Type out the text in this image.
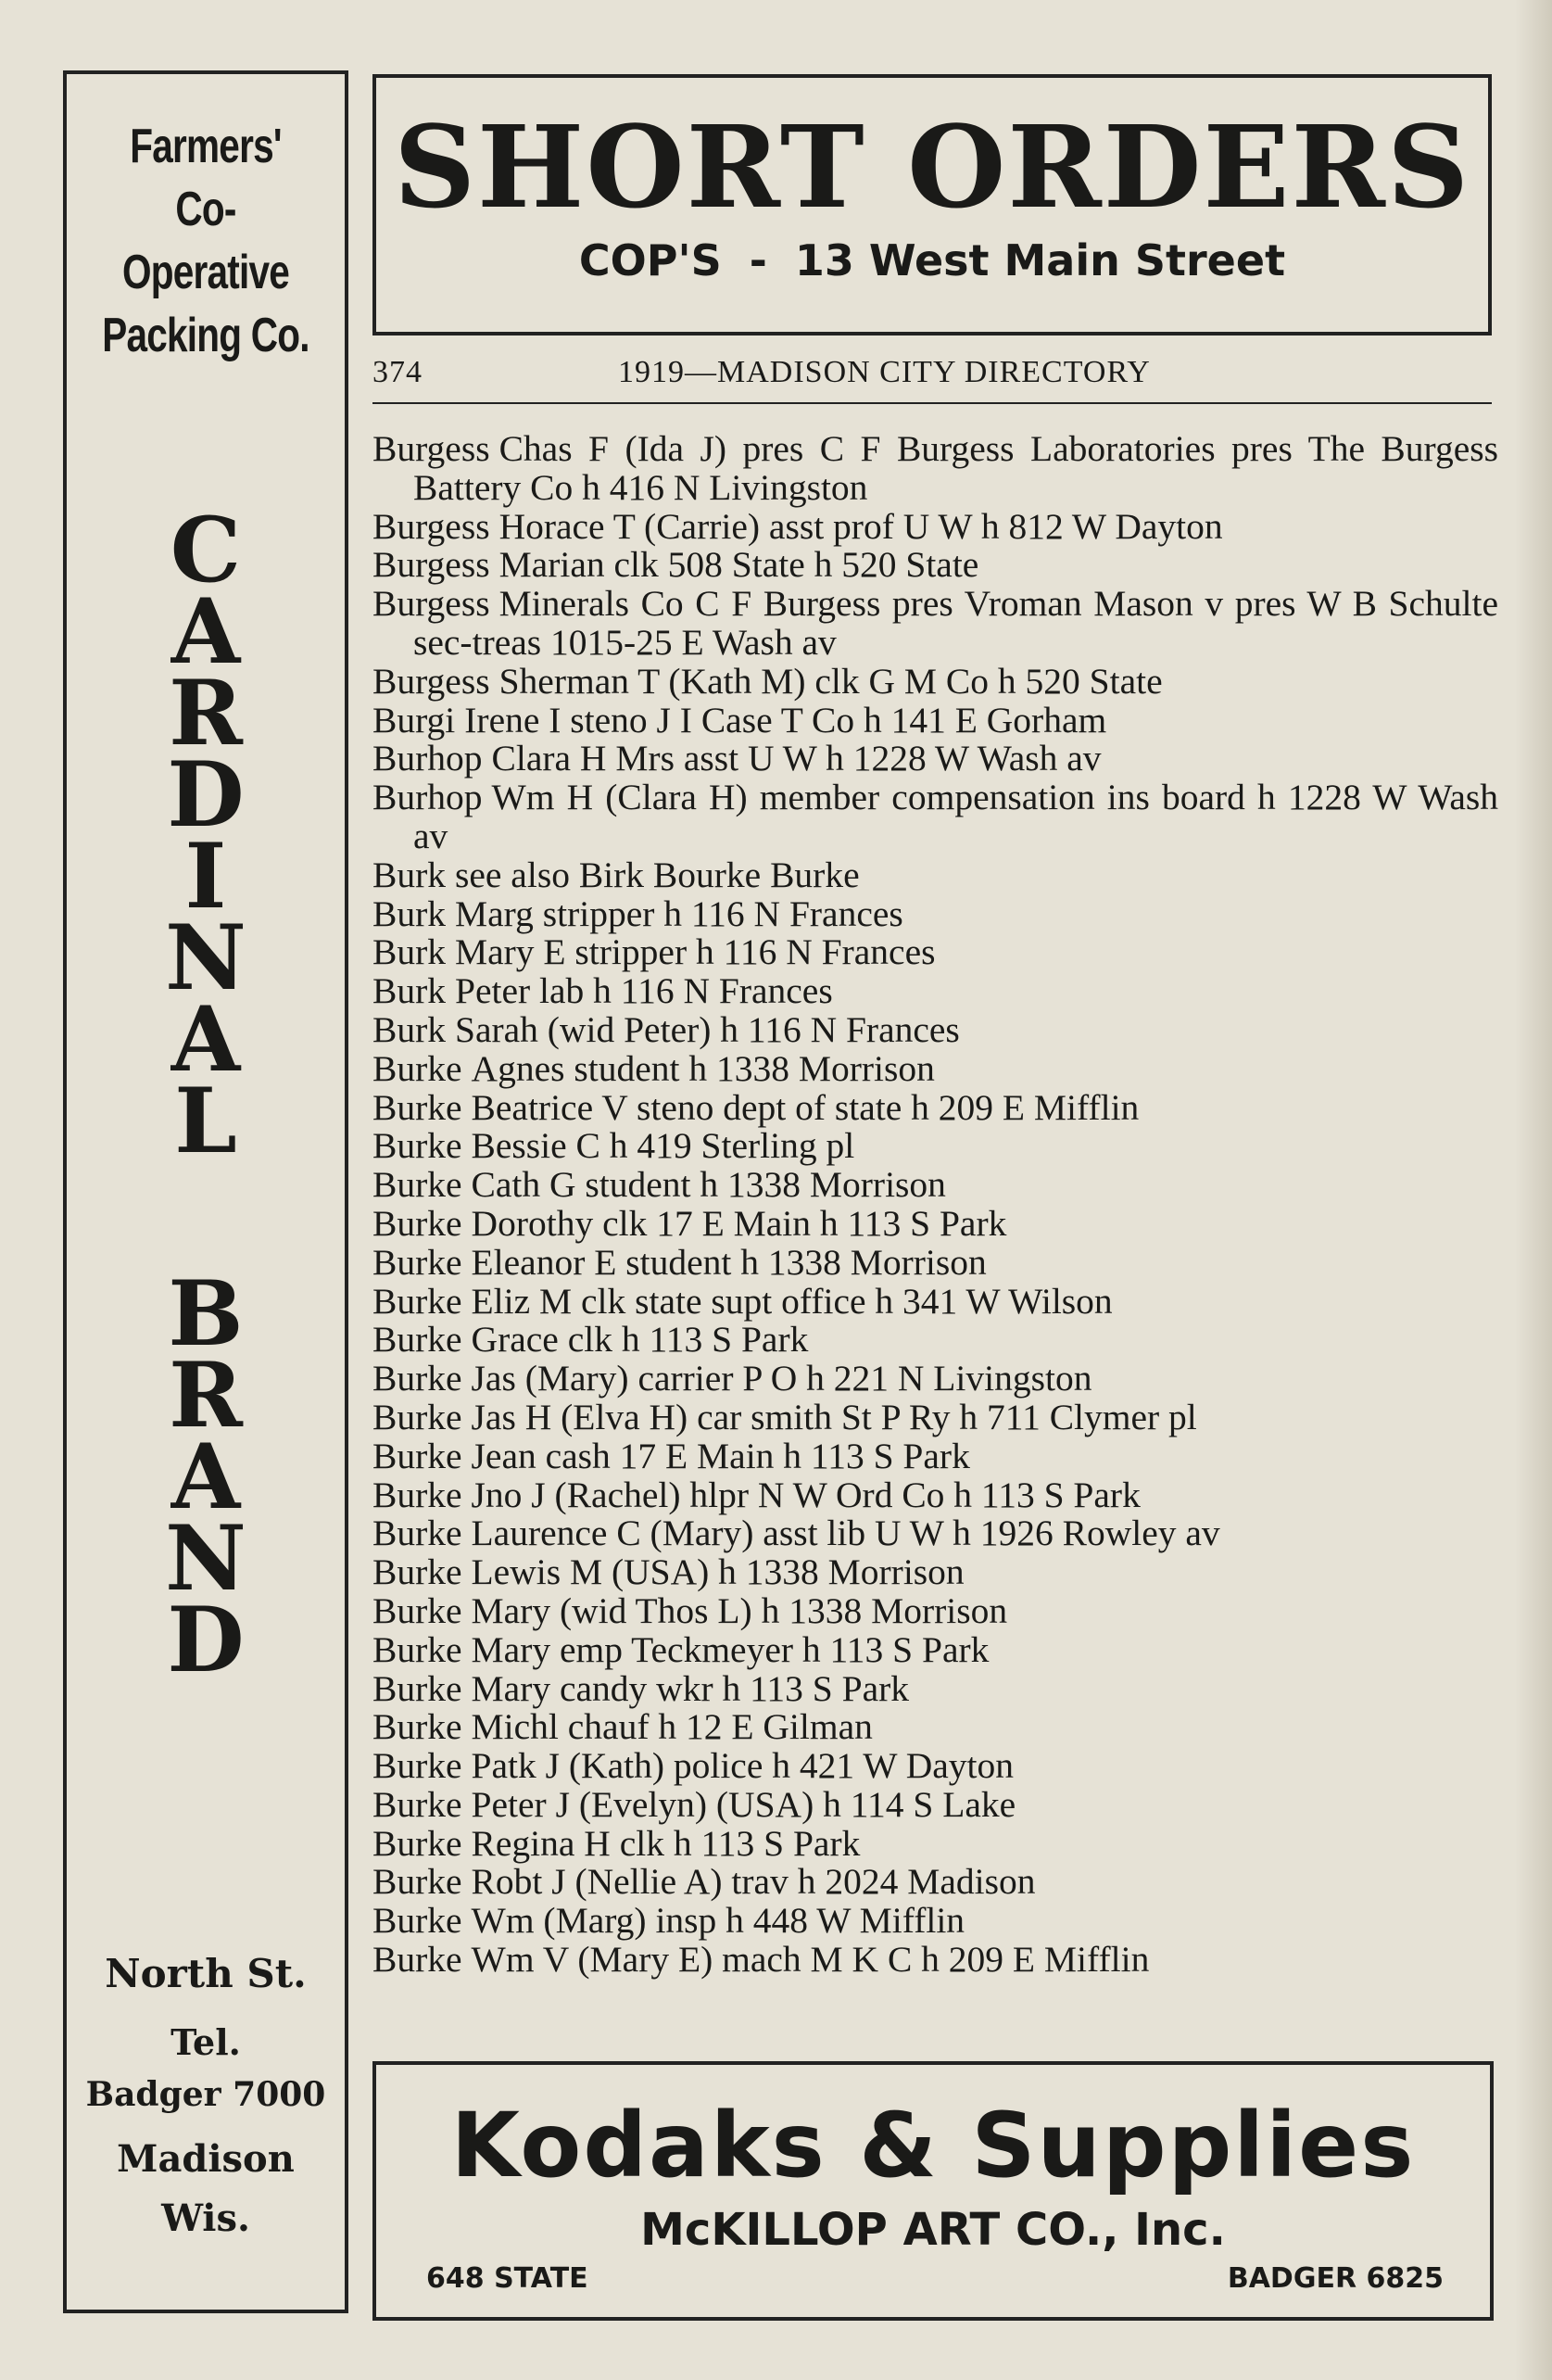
Farmers'
Co-Operative
Packing Co.
C
A
R
D
I
N
A
L
B
R
A
N
D
North St.
Tel.
Badger 7000
Madison
Wis.
SHORT ORDERS
COP'S - 13 West Main Street
374	1919—MADISON CITY DIRECTORY
Burgess Chas F (Ida J) pres C F Burgess Laboratories pres The Burgess Battery Co h 416 N Livingston
Burgess Horace T (Carrie) asst prof U W h 812 W Dayton
Burgess Marian clk 508 State h 520 State
Burgess Minerals Co C F Burgess pres Vroman Mason v pres W B Schulte sec-treas 1015-25 E Wash av
Burgess Sherman T (Kath M) clk G M Co h 520 State
Burgi Irene I steno J I Case T Co h 141 E Gorham
Burhop Clara H Mrs asst U W h 1228 W Wash av
Burhop Wm H (Clara H) member compensation ins board h 1228 W Wash av
Burk see also Birk Bourke Burke
Burk Marg stripper h 116 N Frances
Burk Mary E stripper h 116 N Frances
Burk Peter lab h 116 N Frances
Burk Sarah (wid Peter) h 116 N Frances
Burke Agnes student h 1338 Morrison
Burke Beatrice V steno dept of state h 209 E Mifflin
Burke Bessie C h 419 Sterling pl
Burke Cath G student h 1338 Morrison
Burke Dorothy clk 17 E Main h 113 S Park
Burke Eleanor E student h 1338 Morrison
Burke Eliz M clk state supt office h 341 W Wilson
Burke Grace clk h 113 S Park
Burke Jas (Mary) carrier P O h 221 N Livingston
Burke Jas H (Elva H) car smith St P Ry h 711 Clymer pl
Burke Jean cash 17 E Main h 113 S Park
Burke Jno J (Rachel) hlpr N W Ord Co h 113 S Park
Burke Laurence C (Mary) asst lib U W h 1926 Rowley av
Burke Lewis M (USA) h 1338 Morrison
Burke Mary (wid Thos L) h 1338 Morrison
Burke Mary emp Teckmeyer h 113 S Park
Burke Mary candy wkr h 113 S Park
Burke Michl chauf h 12 E Gilman
Burke Patk J (Kath) police h 421 W Dayton
Burke Peter J (Evelyn) (USA) h 114 S Lake
Burke Regina H clk h 113 S Park
Burke Robt J (Nellie A) trav h 2024 Madison
Burke Wm (Marg) insp h 448 W Mifflin
Burke Wm V (Mary E) mach M K C h 209 E Mifflin
Kodaks & Supplies
McKILLOP ART CO., Inc.
648 STATE	BADGER 6825
